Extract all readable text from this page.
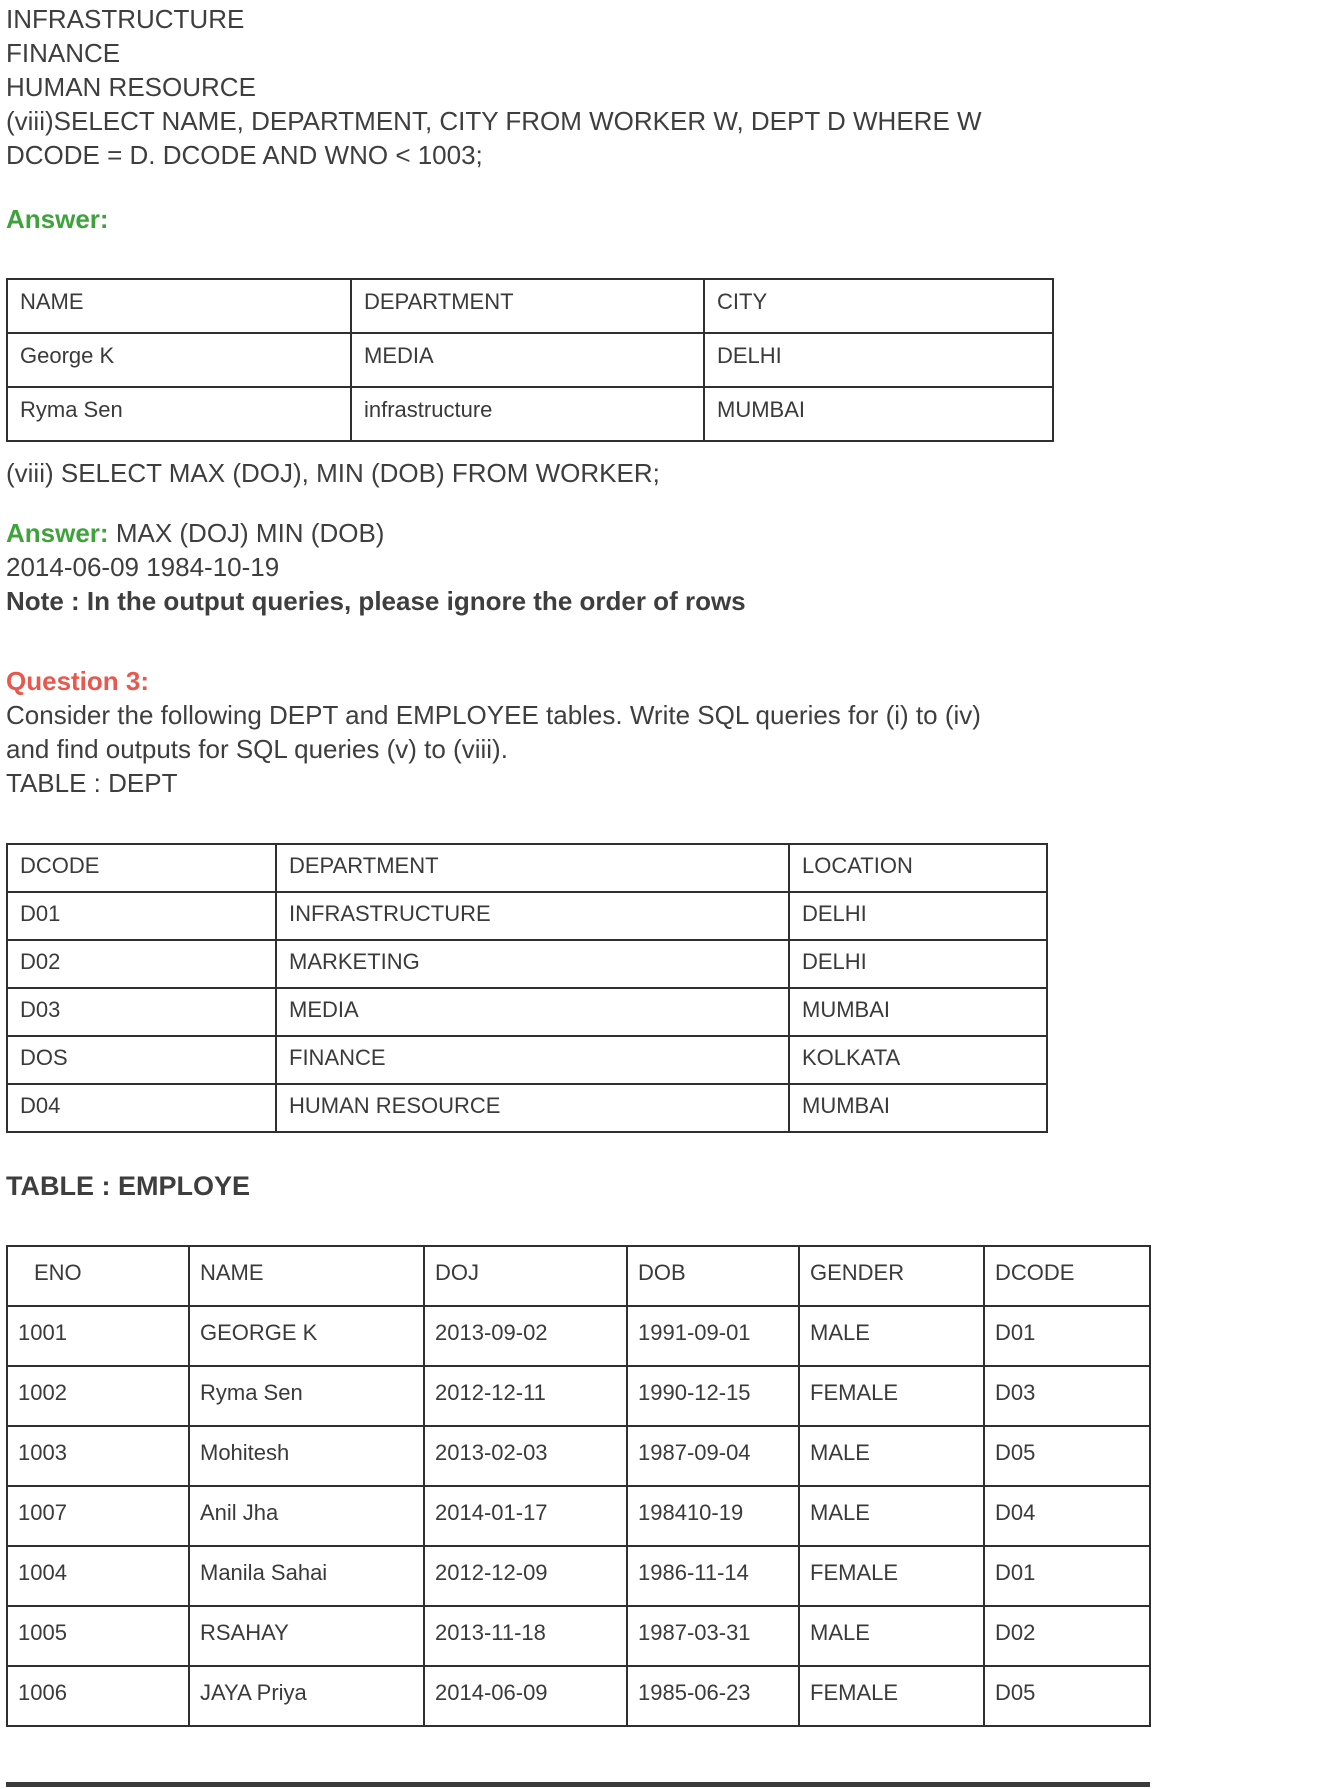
INFRASTRUCTURE

FINANCE

HUMAN RESOURCE

(viii)SELECT NAME, DEPARTMENT, CITY FROM WORKER W, DEPT D WHERE W

DCODE = D. DCODE AND WNO < 1003;

Answer:

NAME	DEPARTMENT	CITY
George K	MEDIA	DELHI
Ryma Sen	infrastructure	MUMBAI

(viii) SELECT MAX (DOJ), MIN (DOB) FROM WORKER;

Answer: MAX (DOJ) MIN (DOB)

2014-06-09 1984-10-19

Note : In the output queries, please ignore the order of rows

Question 3:

Consider the following DEPT and EMPLOYEE tables. Write SQL queries for (i) to (iv)

and find outputs for SQL queries (v) to (viii).

TABLE : DEPT

DCODE	DEPARTMENT	LOCATION
D01	INFRASTRUCTURE	DELHI
D02	MARKETING	DELHI
D03	MEDIA	MUMBAI
DOS	FINANCE	KOLKATA
D04	HUMAN RESOURCE	MUMBAI

TABLE : EMPLOYE

ENO	NAME	DOJ	DOB	GENDER	DCODE
1001	GEORGE K	2013-09-02	1991-09-01	MALE	D01
1002	Ryma Sen	2012-12-11	1990-12-15	FEMALE	D03
1003	Mohitesh	2013-02-03	1987-09-04	MALE	D05
1007	Anil Jha	2014-01-17	198410-19	MALE	D04
1004	Manila Sahai	2012-12-09	1986-11-14	FEMALE	D01
1005	RSAHAY	2013-11-18	1987-03-31	MALE	D02
1006	JAYA Priya	2014-06-09	1985-06-23	FEMALE	D05
